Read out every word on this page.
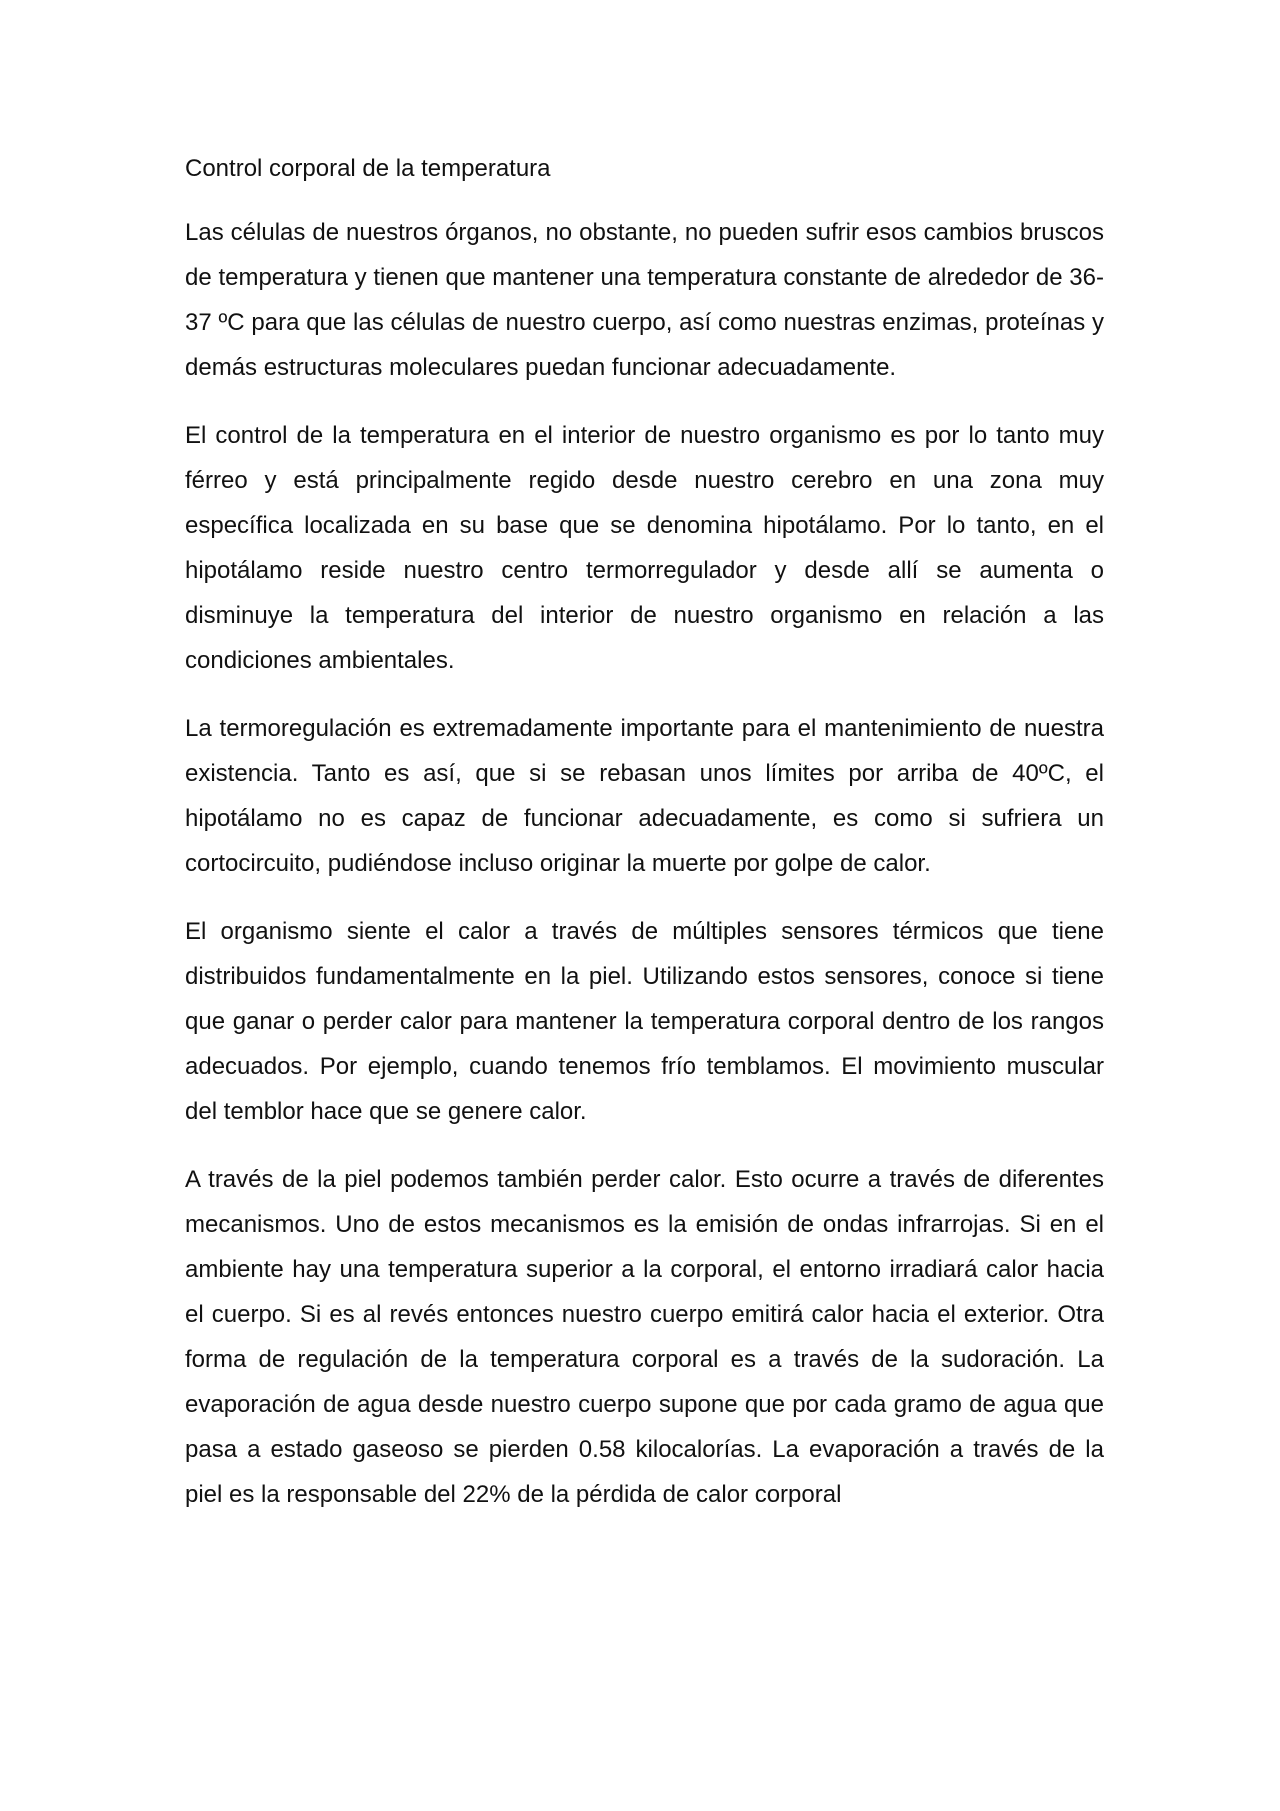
Control corporal de la temperatura

Las células de nuestros órganos, no obstante, no pueden sufrir esos cambios bruscos de temperatura y tienen que mantener una temperatura constante de alrededor de 36-37 ºC para que las células de nuestro cuerpo, así como nuestras enzimas, proteínas y demás estructuras moleculares puedan funcionar adecuadamente.

El control de la temperatura en el interior de nuestro organismo es por lo tanto muy férreo y está principalmente regido desde nuestro cerebro en una zona muy específica localizada en su base que se denomina hipotálamo. Por lo tanto, en el hipotálamo reside nuestro centro termorregulador y desde allí se aumenta o disminuye la temperatura del interior de nuestro organismo en relación a las condiciones ambientales.

La termoregulación es extremadamente importante para el mantenimiento de nuestra existencia. Tanto es así, que si se rebasan unos límites por arriba de 40ºC, el hipotálamo no es capaz de funcionar adecuadamente, es como si sufriera un cortocircuito, pudiéndose incluso originar la muerte por golpe de calor.

El organismo siente el calor a través de múltiples sensores térmicos que tiene distribuidos fundamentalmente en la piel. Utilizando estos sensores, conoce si tiene que ganar o perder calor para mantener la temperatura corporal dentro de los rangos adecuados. Por ejemplo, cuando tenemos frío temblamos. El movimiento muscular del temblor hace que se genere calor.

A través de la piel podemos también perder calor. Esto ocurre a través de diferentes mecanismos. Uno de estos mecanismos es la emisión de ondas infrarrojas. Si en el ambiente hay una temperatura superior a la corporal, el entorno irradiará calor hacia el cuerpo. Si es al revés entonces nuestro cuerpo emitirá calor hacia el exterior. Otra forma de regulación de la temperatura corporal es a través de la sudoración. La evaporación de agua desde nuestro cuerpo supone que por cada gramo de agua que pasa a estado gaseoso se pierden 0.58 kilocalorías. La evaporación a través de la piel es la responsable del 22% de la pérdida de calor corporal
